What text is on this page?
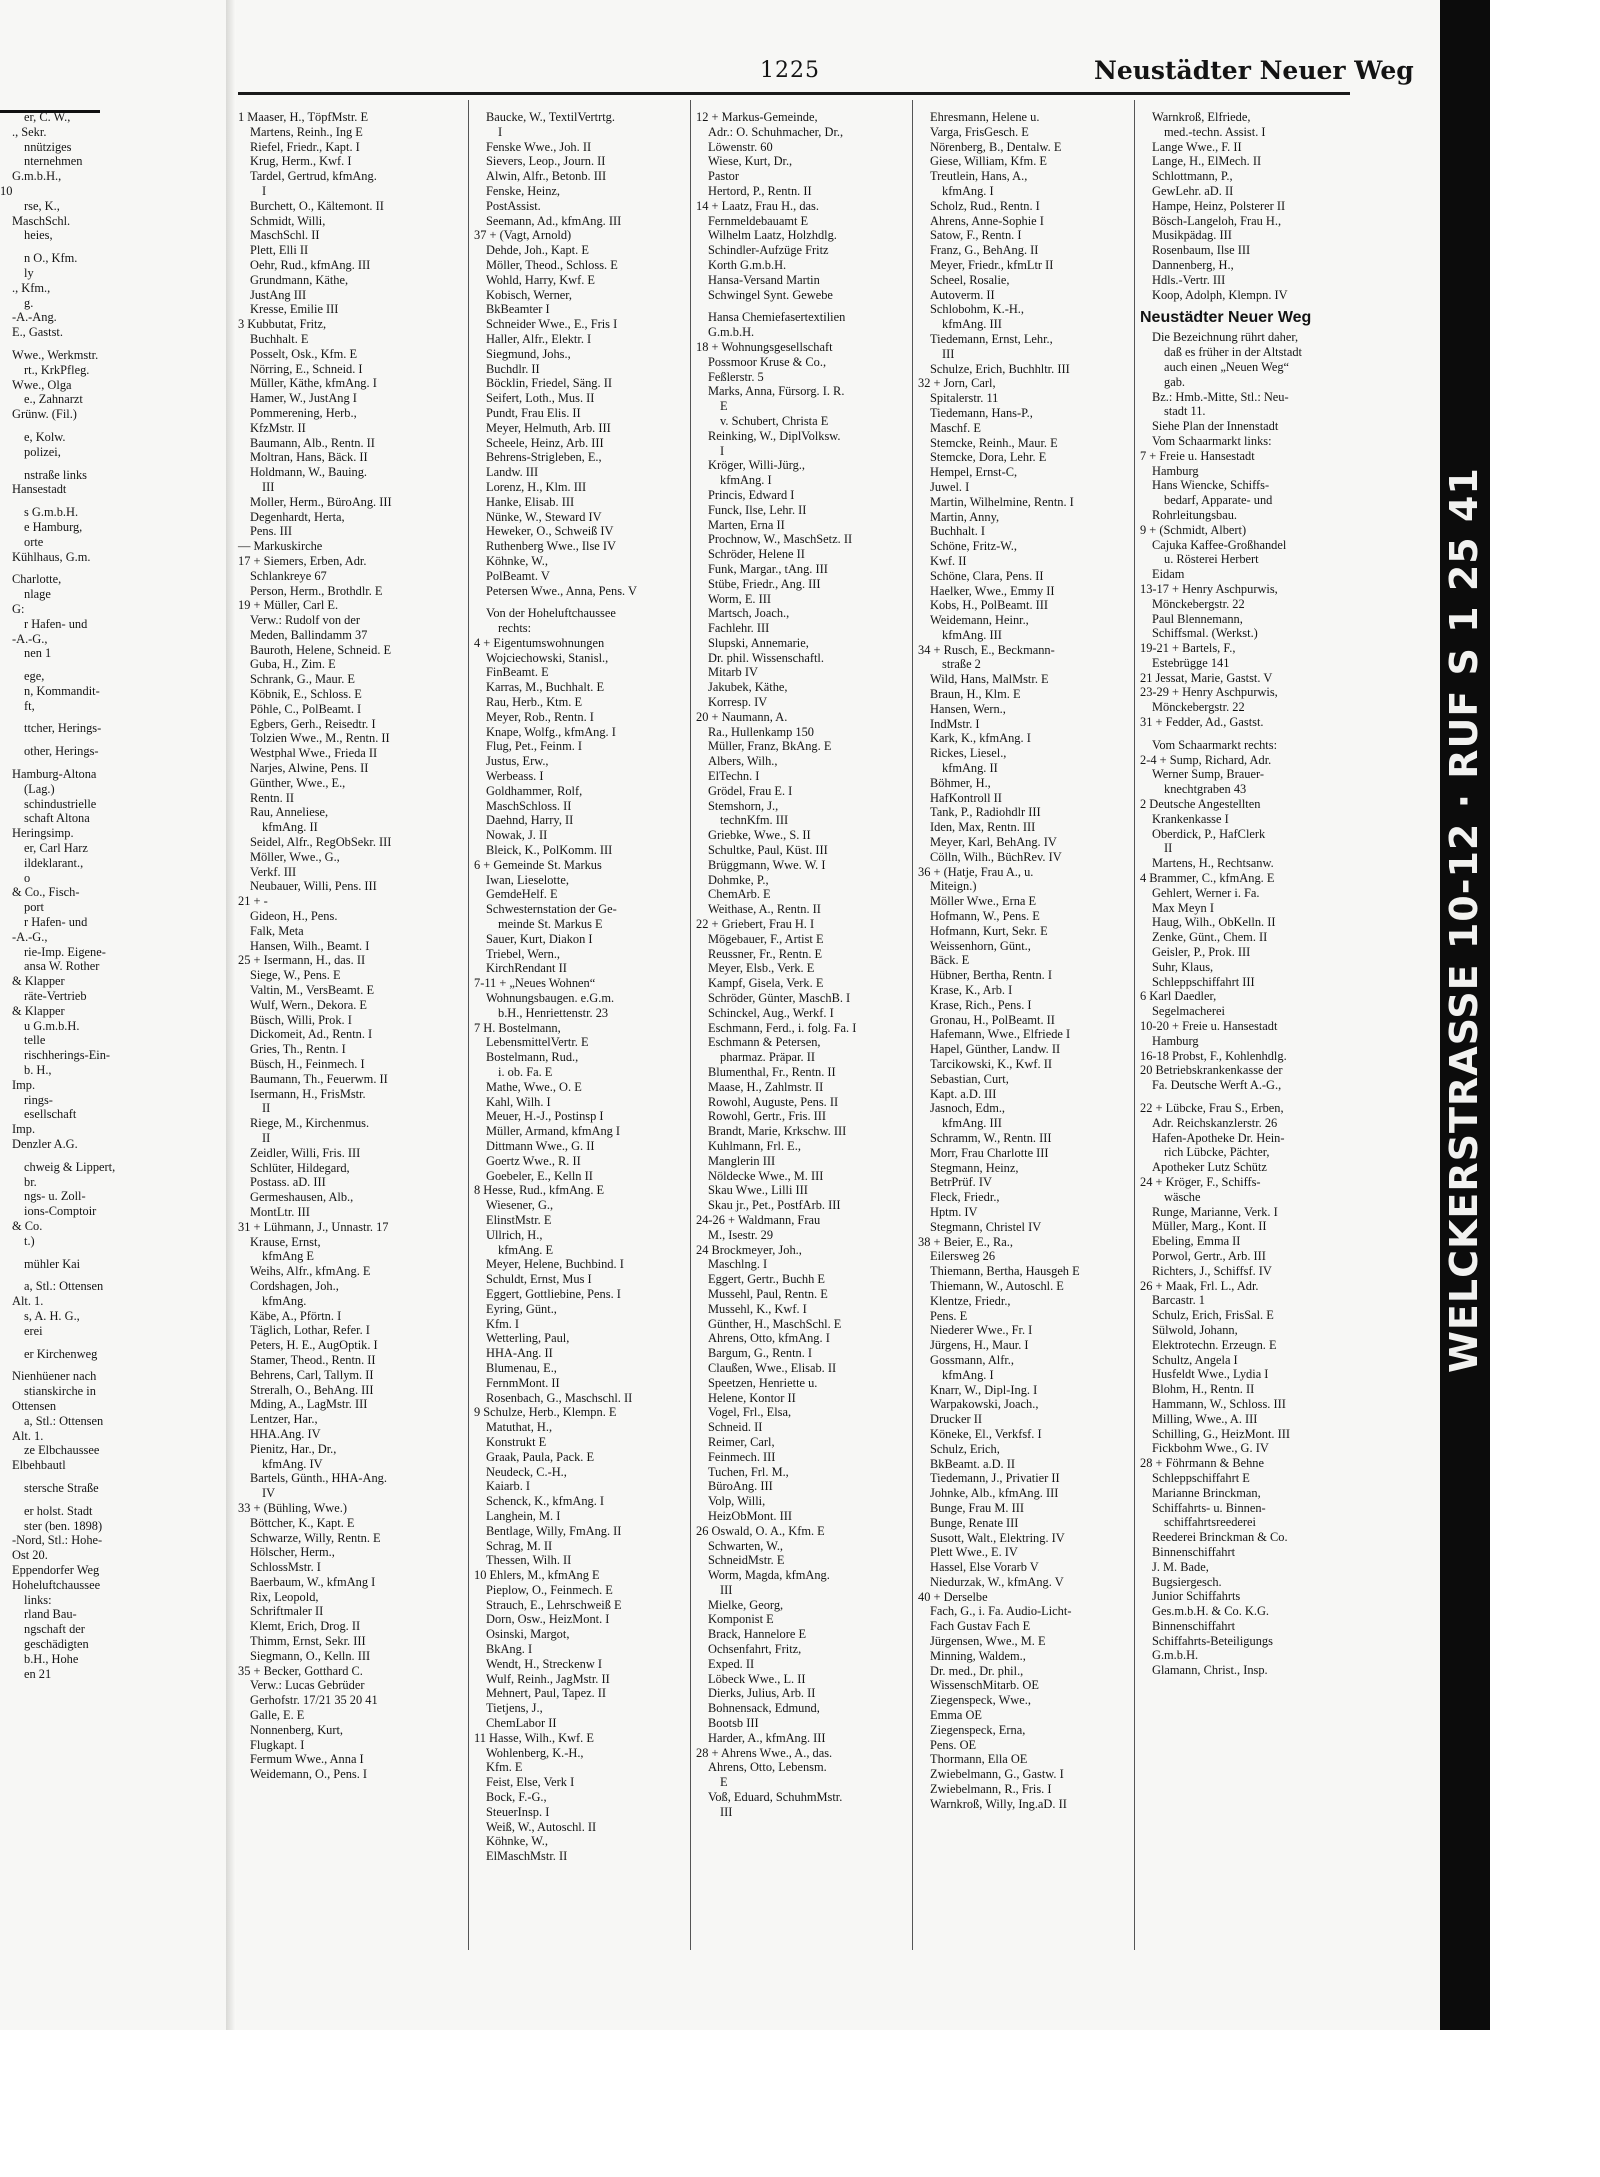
er, C. W.,
., Sekr.
nnütziges
nternehmen
G.m.b.H.,
10
rse, K.,
MaschSchl.
heies,
n O., Kfm.
ly
., Kfm.,
g.
-A.-Ang.
E., Gastst.
Wwe., Werkmstr.
rt., KrkPfleg.
Wwe., Olga
e., Zahnarzt
Grünw. (Fil.)
e, Kolw.
polizei,
nstraße links
Hansestadt
s G.m.b.H.
e Hamburg,
orte
Kühlhaus, G.m.
Charlotte,
nlage
G:
r Hafen- und
-A.-G.,
nen 1
ege,
n, Kommandit-
ft,
ttcher, Herings-
other, Herings-
Hamburg-Altona
(Lag.)
schindustrielle
schaft Altona
Heringsimp.
er, Carl Harz
ildeklarant.,
o
& Co., Fisch-
port
r Hafen- und
-A.-G.,
rie-Imp. Eigene-
ansa W. Rother
& Klapper
räte-Vertrieb
& Klapper
u G.m.b.H.
telle
rischherings-Ein-
b. H.,
Imp.
rings-
esellschaft
Imp.
Denzler A.G.
chweig & Lippert,
br.
ngs- u. Zoll-
ions-Comptoir
& Co.
t.)
mühler Kai
a, Stl.: Ottensen
Alt. 1.
s, A. H. G.,
erei
er Kirchenweg
Nienhüener nach
stianskirche in
Ottensen
a, Stl.: Ottensen
Alt. 1.
ze Elbchaussee
Elbehbautl
stersche Straße
er holst. Stadt
ster (ben. 1898)
-Nord, Stl.: Hohe-
Ost 20.
Eppendorfer Weg
Hoheluftchaussee
links:
rland Bau-
ngschaft der
geschädigten
b.H., Hohe
en 21
1225	Neustädter Neuer Weg
1 Maaser, H., TöpfMstr. E
Martens, Reinh., Ing E
Riefel, Friedr., Kapt. I
Krug, Herm., Kwf. I
Tardel, Gertrud, kfmAng.
I
Burchett, O., Kältemont. II
Schmidt, Willi,
MaschSchl. II
Plett, Elli II
Oehr, Rud., kfmAng. III
Grundmann, Käthe,
JustAng III
Kresse, Emilie III
3 Kubbutat, Fritz,
Buchhalt. E
Posselt, Osk., Kfm. E
Nörring, E., Schneid. I
Müller, Käthe, kfmAng. I
Hamer, W., JustAng I
Pommerening, Herb.,
KfzMstr. II
Baumann, Alb., Rentn. II
Moltran, Hans, Bäck. II
Holdmann, W., Bauing.
III
Moller, Herm., BüroAng. III
Degenhardt, Herta,
Pens. III
— Markuskirche
17 + Siemers, Erben, Adr.
Schlankreye 67
Person, Herm., Brothdlr. E
19 + Müller, Carl E.
Verw.: Rudolf von der
Meden, Ballindamm 37
Bauroth, Helene, Schneid. E
Guba, H., Zim. E
Schrank, G., Maur. E
Köbnik, E., Schloss. E
Pöhle, C., PolBeamt. I
Egbers, Gerh., Reisedtr. I
Tolzien Wwe., M., Rentn. II
Westphal Wwe., Frieda II
Narjes, Alwine, Pens. II
Günther, Wwe., E.,
Rentn. II
Rau, Anneliese,
kfmAng. II
Seidel, Alfr., RegObSekr. III
Möller, Wwe., G.,
Verkf. III
Neubauer, Willi, Pens. III
21 + -
Gideon, H., Pens.
Falk, Meta
Hansen, Wilh., Beamt. I
25 + Isermann, H., das. II
Siege, W., Pens. E
Valtin, M., VersBeamt. E
Wulf, Wern., Dekora. E
Büsch, Willi, Prok. I
Dickomeit, Ad., Rentn. I
Gries, Th., Rentn. I
Büsch, H., Feinmech. I
Baumann, Th., Feuerwm. II
Isermann, H., FrisMstr.
II
Riege, M., Kirchenmus.
II
Zeidler, Willi, Fris. III
Schlüter, Hildegard,
Postass. aD. III
Germeshausen, Alb.,
MontLtr. III
31 + Lühmann, J., Unnastr. 17
Krause, Ernst,
kfmAng E
Weihs, Alfr., kfmAng. E
Cordshagen, Joh.,
kfmAng.
Käbe, A., Pförtn. I
Täglich, Lothar, Refer. I
Peters, H. E., AugOptik. I
Stamer, Theod., Rentn. II
Behrens, Carl, Tallym. II
Streralh, O., BehAng. III
Mding, A., LagMstr. III
Lentzer, Har.,
HHA.Ang. IV
Pienitz, Har., Dr.,
kfmAng. IV
Bartels, Günth., HHA-Ang.
IV
33 + (Bühling, Wwe.)
Böttcher, K., Kapt. E
Schwarze, Willy, Rentn. E
Hölscher, Herm.,
SchlossMstr. I
Baerbaum, W., kfmAng I
Rix, Leopold,
Schriftmaler II
Klemt, Erich, Drog. II
Thimm, Ernst, Sekr. III
Siegmann, O., Kelln. III
35 + Becker, Gotthard C.
Verw.: Lucas Gebrüder
Gerhofstr. 17/21 35 20 41
Galle, E. E
Nonnenberg, Kurt,
Flugkapt. I
Fermum Wwe., Anna I
Weidemann, O., Pens. I
Baucke, W., TextilVertrtg.
I
Fenske Wwe., Joh. II
Sievers, Leop., Journ. II
Alwin, Alfr., Betonb. III
Fenske, Heinz,
PostAssist.
Seemann, Ad., kfmAng. III
37 + (Vagt, Arnold)
Dehde, Joh., Kapt. E
Möller, Theod., Schloss. E
Wohld, Harry, Kwf. E
Kobisch, Werner,
BkBeamter I
Schneider Wwe., E., Fris I
Haller, Alfr., Elektr. I
Siegmund, Johs.,
Buchdlr. II
Böcklin, Friedel, Säng. II
Seifert, Loth., Mus. II
Pundt, Frau Elis. II
Meyer, Helmuth, Arb. III
Scheele, Heinz, Arb. III
Behrens-Strigleben, E.,
Landw. III
Lorenz, H., Klm. III
Hanke, Elisab. III
Nünke, W., Steward IV
Heweker, O., Schweiß IV
Ruthenberg Wwe., Ilse IV
Köhnke, W.,
PolBeamt. V
Petersen Wwe., Anna, Pens. V
Von der Hoheluftchaussee
rechts:
4 + Eigentumswohnungen
Wojciechowski, Stanisl.,
FinBeamt. E
Karras, M., Buchhalt. E
Rau, Herb., Ktm. E
Meyer, Rob., Rentn. I
Knape, Wolfg., kfmAng. I
Flug, Pet., Feinm. I
Justus, Erw.,
Werbeass. I
Goldhammer, Rolf,
MaschSchloss. II
Daehnd, Harry, II
Nowak, J. II
Bleick, K., PolKomm. III
6 + Gemeinde St. Markus
Iwan, Lieselotte,
GemdeHelf. E
Schwesternstation der Ge-
meinde St. Markus E
Sauer, Kurt, Diakon I
Triebel, Wern.,
KirchRendant II
7-11 + „Neues Wohnen“
Wohnungsbaugen. e.G.m.
b.H., Henriettenstr. 23
7 H. Bostelmann,
LebensmittelVertr. E
Bostelmann, Rud.,
i. ob. Fa. E
Mathe, Wwe., O. E
Kahl, Wilh. I
Meuer, H.-J., Postinsp I
Müller, Armand, kfmAng I
Dittmann Wwe., G. II
Goertz Wwe., R. II
Goebeler, E., Kelln II
8 Hesse, Rud., kfmAng. E
Wiesener, G.,
ElinstMstr. E
Ullrich, H.,
kfmAng. E
Meyer, Helene, Buchbind. I
Schuldt, Ernst, Mus I
Eggert, Gottliebine, Pens. I
Eyring, Günt.,
Kfm. I
Wetterling, Paul,
HHA-Ang. II
Blumenau, E.,
FernmMont. II
Rosenbach, G., Maschschl. II
9 Schulze, Herb., Klempn. E
Matuthat, H.,
Konstrukt E
Graak, Paula, Pack. E
Neudeck, C.-H.,
Kaiarb. I
Schenck, K., kfmAng. I
Langhein, M. I
Bentlage, Willy, FmAng. II
Schrag, M. II
Thessen, Wilh. II
10 Ehlers, M., kfmAng E
Pieplow, O., Feinmech. E
Strauch, E., Lehrschweiß E
Dorn, Osw., HeizMont. I
Osinski, Margot,
BkAng. I
Wendt, H., Streckenw I
Wulf, Reinh., JagMstr. II
Mehnert, Paul, Tapez. II
Tietjens, J.,
ChemLabor II
11 Hasse, Wilh., Kwf. E
Wohlenberg, K.-H.,
Kfm. E
Feist, Else, Verk I
Bock, F.-G.,
SteuerInsp. I
Weiß, W., Autoschl. II
Köhnke, W.,
ElMaschMstr. II
12 + Markus-Gemeinde,
Adr.: O. Schuhmacher, Dr.,
Löwenstr. 60
Wiese, Kurt, Dr.,
Pastor
Hertord, P., Rentn. II
14 + Laatz, Frau H., das.
Fernmeldebauamt E
Wilhelm Laatz, Holzhdlg.
Schindler-Aufzüge Fritz
Korth G.m.b.H.
Hansa-Versand Martin
Schwingel Synt. Gewebe
Hansa Chemiefasertextilien
G.m.b.H.
18 + Wohnungsgesellschaft
Possmoor Kruse & Co.,
Feßlerstr. 5
Marks, Anna, Fürsorg. I. R.
E
v. Schubert, Christa E
Reinking, W., DiplVolksw.
I
Kröger, Willi-Jürg.,
kfmAng. I
Princis, Edward I
Funck, Ilse, Lehr. II
Marten, Erna II
Prochnow, W., MaschSetz. II
Schröder, Helene II
Funk, Margar., tAng. III
Stübe, Friedr., Ang. III
Worm, E. III
Martsch, Joach.,
Fachlehr. III
Slupski, Annemarie,
Dr. phil. Wissenschaftl.
Mitarb IV
Jakubek, Käthe,
Korresp. IV
20 + Naumann, A.
Ra., Hullenkamp 150
Müller, Franz, BkAng. E
Albers, Wilh.,
ElTechn. I
Grödel, Frau E. I
Stemshorn, J.,
technKfm. III
Griebke, Wwe., S. II
Schultke, Paul, Küst. III
Brüggmann, Wwe. W. I
Dohmke, P.,
ChemArb. E
Weithase, A., Rentn. II
22 + Griebert, Frau H. I
Mögebauer, F., Artist E
Reussner, Fr., Rentn. E
Meyer, Elsb., Verk. E
Kampf, Gisela, Verk. E
Schröder, Günter, MaschB. I
Schinckel, Aug., Werkf. I
Eschmann, Ferd., i. folg. Fa. I
Eschmann & Petersen,
pharmaz. Präpar. II
Blumenthal, Fr., Rentn. II
Maase, H., Zahlmstr. II
Rowohl, Auguste, Pens. II
Rowohl, Gertr., Fris. III
Brandt, Marie, Krkschw. III
Kuhlmann, Frl. E.,
Manglerin III
Nöldecke Wwe., M. III
Skau Wwe., Lilli III
Skau jr., Pet., PostfArb. III
24-26 + Waldmann, Frau
M., Isestr. 29
24 Brockmeyer, Joh.,
Maschlng. I
Eggert, Gertr., Buchh E
Mussehl, Paul, Rentn. E
Mussehl, K., Kwf. I
Günther, H., MaschSchl. E
Ahrens, Otto, kfmAng. I
Bargum, G., Rentn. I
Claußen, Wwe., Elisab. II
Speetzen, Henriette u.
Helene, Kontor II
Vogel, Frl., Elsa,
Schneid. II
Reimer, Carl,
Feinmech. III
Tuchen, Frl. M.,
BüroAng. III
Volp, Willi,
HeizObMont. III
26 Oswald, O. A., Kfm. E
Schwarten, W.,
SchneidMstr. E
Worm, Magda, kfmAng.
III
Mielke, Georg,
Komponist E
Brack, Hannelore E
Ochsenfahrt, Fritz,
Exped. II
Löbeck Wwe., L. II
Dierks, Julius, Arb. II
Bohnensack, Edmund,
Bootsb III
Harder, A., kfmAng. III
28 + Ahrens Wwe., A., das.
Ahrens, Otto, Lebensm.
E
Voß, Eduard, SchuhmMstr.
III
Ehresmann, Helene u.
Varga, FrisGesch. E
Nörenberg, B., Dentalw. E
Giese, William, Kfm. E
Treutlein, Hans, A.,
kfmAng. I
Scholz, Rud., Rentn. I
Ahrens, Anne-Sophie I
Satow, F., Rentn. I
Franz, G., BehAng. II
Meyer, Friedr., kfmLtr II
Scheel, Rosalie,
Autoverm. II
Schlobohm, K.-H.,
kfmAng. III
Tiedemann, Ernst, Lehr.,
III
Schulze, Erich, Buchhltr. III
32 + Jorn, Carl,
Spitalerstr. 11
Tiedemann, Hans-P.,
Maschf. E
Stemcke, Reinh., Maur. E
Stemcke, Dora, Lehr. E
Hempel, Ernst-C,
Juwel. I
Martin, Wilhelmine, Rentn. I
Martin, Anny,
Buchhalt. I
Schöne, Fritz-W.,
Kwf. II
Schöne, Clara, Pens. II
Haelker, Wwe., Emmy II
Kobs, H., PolBeamt. III
Weidemann, Heinr.,
kfmAng. III
34 + Rusch, E., Beckmann-
straße 2
Wild, Hans, MalMstr. E
Braun, H., Klm. E
Hansen, Wern.,
IndMstr. I
Kark, K., kfmAng. I
Rickes, Liesel.,
kfmAng. II
Böhmer, H.,
HafKontroll II
Tank, P., Radiohdlr III
Iden, Max, Rentn. III
Meyer, Karl, BehAng. IV
Cölln, Wilh., BüchRev. IV
36 + (Hatje, Frau A., u.
Miteign.)
Möller Wwe., Erna E
Hofmann, W., Pens. E
Hofmann, Kurt, Sekr. E
Weissenhorn, Günt.,
Bäck. E
Hübner, Bertha, Rentn. I
Krase, K., Arb. I
Krase, Rich., Pens. I
Gronau, H., PolBeamt. II
Hafemann, Wwe., Elfriede I
Hapel, Günther, Landw. II
Tarcikowski, K., Kwf. II
Sebastian, Curt,
Kapt. a.D. III
Jasnoch, Edm.,
kfmAng. III
Schramm, W., Rentn. III
Morr, Frau Charlotte III
Stegmann, Heinz,
BetrPrüf. IV
Fleck, Friedr.,
Hptm. IV
Stegmann, Christel IV
38 + Beier, E., Ra.,
Eilersweg 26
Thiemann, Bertha, Hausgeh E
Thiemann, W., Autoschl. E
Klentze, Friedr.,
Pens. E
Niederer Wwe., Fr. I
Jürgens, H., Maur. I
Gossmann, Alfr.,
kfmAng. I
Knarr, W., Dipl-Ing. I
Warpakowski, Joach.,
Drucker II
Köneke, El., Verkfsf. I
Schulz, Erich,
BkBeamt. a.D. II
Tiedemann, J., Privatier II
Johnke, Alb., kfmAng. III
Bunge, Frau M. III
Bunge, Renate III
Susott, Walt., Elektring. IV
Plett Wwe., E. IV
Hassel, Else Vorarb V
Niedurzak, W., kfmAng. V
40 + Derselbe
Fach, G., i. Fa. Audio-Licht-
Fach Gustav Fach E
Jürgensen, Wwe., M. E
Minning, Waldem.,
Dr. med., Dr. phil.,
WissenschMitarb. OE
Ziegenspeck, Wwe.,
Emma OE
Ziegenspeck, Erna,
Pens. OE
Thormann, Ella OE
Zwiebelmann, G., Gastw. I
Zwiebelmann, R., Fris. I
Warnkroß, Willy, Ing.aD. II
Warnkroß, Elfriede,
med.-techn. Assist. I
Lange Wwe., F. II
Lange, H., ElMech. II
Schlottmann, P.,
GewLehr. aD. II
Hampe, Heinz, Polsterer II
Bösch-Langeloh, Frau H.,
Musikpädag. III
Rosenbaum, Ilse III
Dannenberg, H.,
Hdls.-Vertr. III
Koop, Adolph, Klempn. IV
Neustädter Neuer Weg
Die Bezeichnung rührt daher,
daß es früher in der Altstadt
auch einen „Neuen Weg“
gab.
Bz.: Hmb.-Mitte, Stl.: Neu-
stadt 11.
Siehe Plan der Innenstadt
Vom Schaarmarkt links:
7 + Freie u. Hansestadt
Hamburg
Hans Wiencke, Schiffs-
bedarf, Apparate- und
Rohrleitungsbau.
9 + (Schmidt, Albert)
Cajuka Kaffee-Großhandel
u. Rösterei Herbert
Eidam
13-17 + Henry Aschpurwis,
Mönckebergstr. 22
Paul Blennemann,
Schiffsmal. (Werkst.)
19-21 + Bartels, F.,
Estebrügge 141
21 Jessat, Marie, Gastst. V
23-29 + Henry Aschpurwis,
Mönckebergstr. 22
31 + Fedder, Ad., Gastst.
Vom Schaarmarkt rechts:
2-4 + Sump, Richard, Adr.
Werner Sump, Brauer-
knechtgraben 43
2 Deutsche Angestellten
Krankenkasse I
Oberdick, P., HafClerk
II
Martens, H., Rechtsanw.
4 Brammer, C., kfmAng. E
Gehlert, Werner i. Fa.
Max Meyn I
Haug, Wilh., ObKelln. II
Zenke, Günt., Chem. II
Geisler, P., Prok. III
Suhr, Klaus,
Schleppschiffahrt III
6 Karl Daedler,
Segelmacherei
10-20 + Freie u. Hansestadt
Hamburg
16-18 Probst, F., Kohlenhdlg.
20 Betriebskrankenkasse der
Fa. Deutsche Werft A.-G.,
22 + Lübcke, Frau S., Erben,
Adr. Reichskanzlerstr. 26
Hafen-Apotheke Dr. Hein-
rich Lübcke, Pächter,
Apotheker Lutz Schütz
24 + Kröger, F., Schiffs-
wäsche
Runge, Marianne, Verk. I
Müller, Marg., Kont. II
Ebeling, Emma II
Porwol, Gertr., Arb. III
Richters, J., Schiffsf. IV
26 + Maak, Frl. L., Adr.
Barcastr. 1
Schulz, Erich, FrisSal. E
Sülwold, Johann,
Elektrotechn. Erzeugn. E
Schultz, Angela I
Husfeldt Wwe., Lydia I
Blohm, H., Rentn. II
Hammann, W., Schloss. III
Milling, Wwe., A. III
Schilling, G., HeizMont. III
Fickbohm Wwe., G. IV
28 + Föhrmann & Behne
Schleppschiffahrt E
Marianne Brinckman,
Schiffahrts- u. Binnen-
schiffahrtsreederei
Reederei Brinckman & Co.
Binnenschiffahrt
J. M. Bade,
Bugsiergesch.
Junior Schiffahrts
Ges.m.b.H. & Co. K.G.
Binnenschiffahrt
Schiffahrts-Beteiligungs
G.m.b.H.
Glamann, Christ., Insp.
WELCKERSTRASSE 10-12 · RUF S 1 25 41
